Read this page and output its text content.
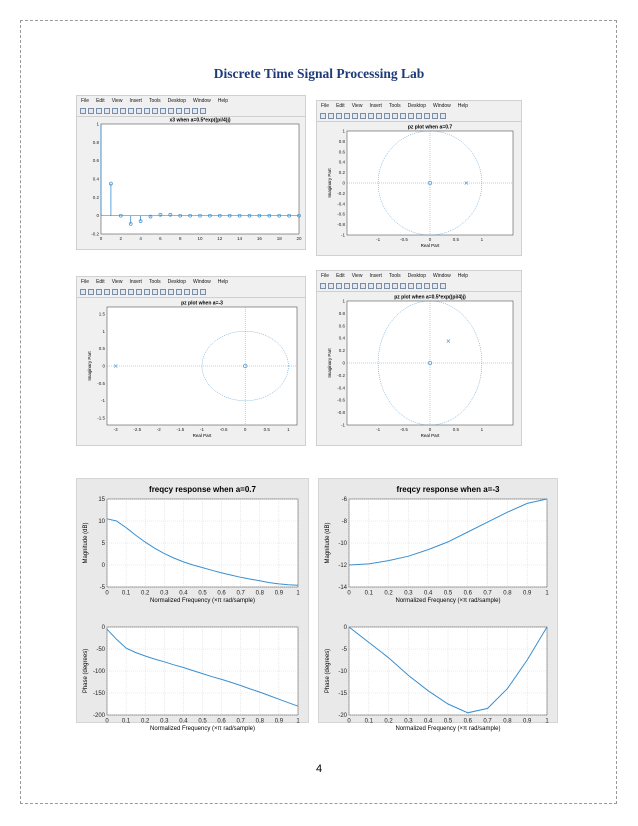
Discrete Time Signal Processing Lab
File Edit View Insert Tools Desktop Window Help
0	2	4	6	8	10	12	14	16	18	20
-0.2
0
0.2
0.4
0.6
0.8
1
x3 when a=0.5*exp((pi/4)j)
File Edit View Insert Tools Desktop Window Help
-1	-0.5	0	0.5	1
-1
-0.8
-0.6
-0.4
-0.2
0
0.2
0.4
0.6
0.8
1
pz plot when a=0.7
Real Part
Imaginary Part
File Edit View Insert Tools Desktop Window Help
-3	-2.5	-2	-1.5	-1	-0.5	0	0.5	1
-1.5
-1
-0.5
0
0.5
1
1.5
pz plot when a=-3
Real Part
Imaginary Part
File Edit View Insert Tools Desktop Window Help
-1	-0.5	0	0.5	1
-1
-0.8
-0.6
-0.4
-0.2
0
0.2
0.4
0.6
0.8
1
pz plot when a=0.5*exp((pi/4)j)
Real Part
Imaginary Part
freqcy response when a=0.7
0 0.1 0.2 0.3 0.4 0.5 0.6 0.7 0.8 0.9 1
-5
0
5
10
15
Normalized Frequency (×π rad/sample)
Magnitude (dB)
0 0.1 0.2 0.3 0.4 0.5 0.6 0.7 0.8 0.9 1
-200
-150
-100
-50
0
Normalized Frequency (×π rad/sample)
Phase (degrees)
freqcy response when a=-3
0 0.1 0.2 0.3 0.4 0.5 0.6 0.7 0.8 0.9 1
-14
-12
-10
-8
-6
Normalized Frequency (×π rad/sample)
Magnitude (dB)
0 0.1 0.2 0.3 0.4 0.5 0.6 0.7 0.8 0.9 1
-20
-15
-10
-5
0
Normalized Frequency (×π rad/sample)
Phase (degrees)
4
